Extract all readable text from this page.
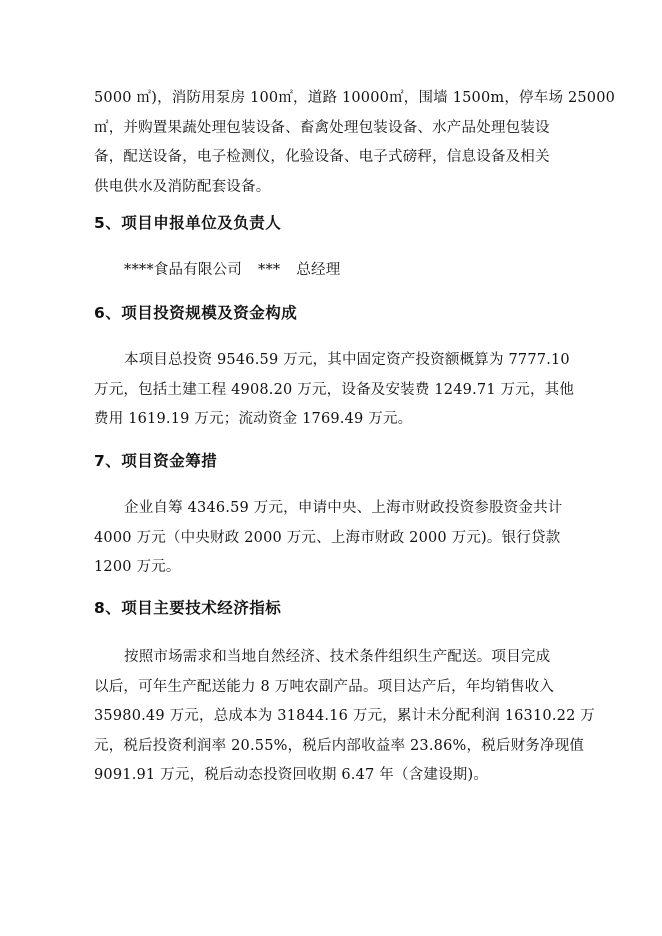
5000 ㎡)，消防用泵房 100㎡，道路 10000㎡，围墙 1500m，停车场 25000
㎡，并购置果蔬处理包装设备、畜禽处理包装设备、水产品处理包装设
备，配送设备，电子检测仪，化验设备、电子式磅秤，信息设备及相关
供电供水及消防配套设备。
5、项目申报单位及负责人
****食品有限公司 *** 总经理
6、项目投资规模及资金构成
本项目总投资 9546.59 万元，其中固定资产投资额概算为 7777.10
万元，包括土建工程 4908.20 万元，设备及安装费 1249.71 万元，其他
费用 1619.19 万元；流动资金 1769.49 万元。
7、项目资金筹措
企业自筹 4346.59 万元，申请中央、上海市财政投资参股资金共计
4000 万元（中央财政 2000 万元、上海市财政 2000 万元)。银行贷款
1200 万元。
8、项目主要技术经济指标
按照市场需求和当地自然经济、技术条件组织生产配送。项目完成
以后，可年生产配送能力 8 万吨农副产品。项目达产后，年均销售收入
35980.49 万元，总成本为 31844.16 万元，累计未分配利润 16310.22 万
元，税后投资利润率 20.55%，税后内部收益率 23.86%，税后财务净现值
9091.91 万元，税后动态投资回收期 6.47 年（含建设期)。
